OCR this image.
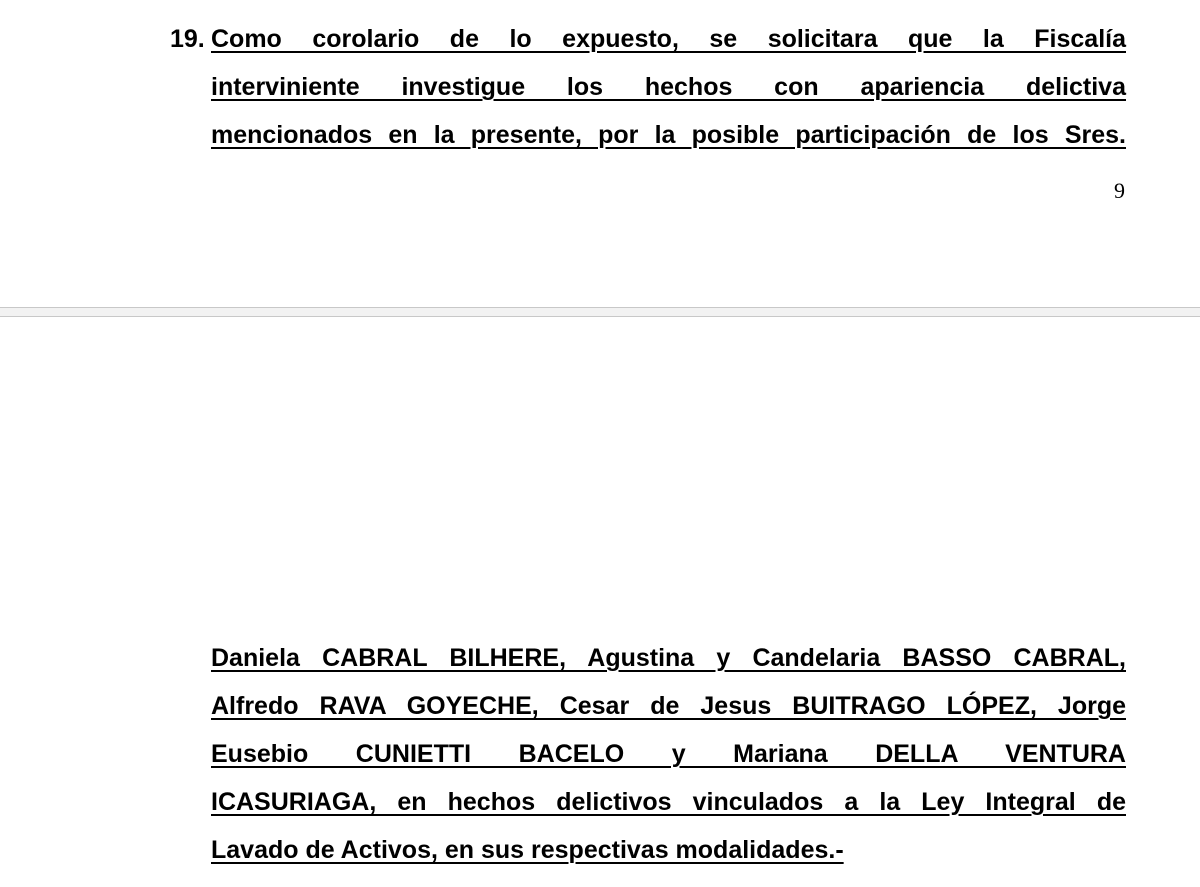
19. Como corolario de lo expuesto, se solicitara que la Fiscalía
interviniente investigue los hechos con apariencia delictiva
mencionados en la presente, por la posible participación de los Sres.
9
Daniela CABRAL BILHERE, Agustina y Candelaria BASSO CABRAL,
Alfredo RAVA GOYECHE, Cesar de Jesus BUITRAGO LÓPEZ, Jorge
Eusebio CUNIETTI BACELO y Mariana DELLA VENTURA
ICASURIAGA, en hechos delictivos vinculados a la Ley Integral de
Lavado de Activos, en sus respectivas modalidades.-
